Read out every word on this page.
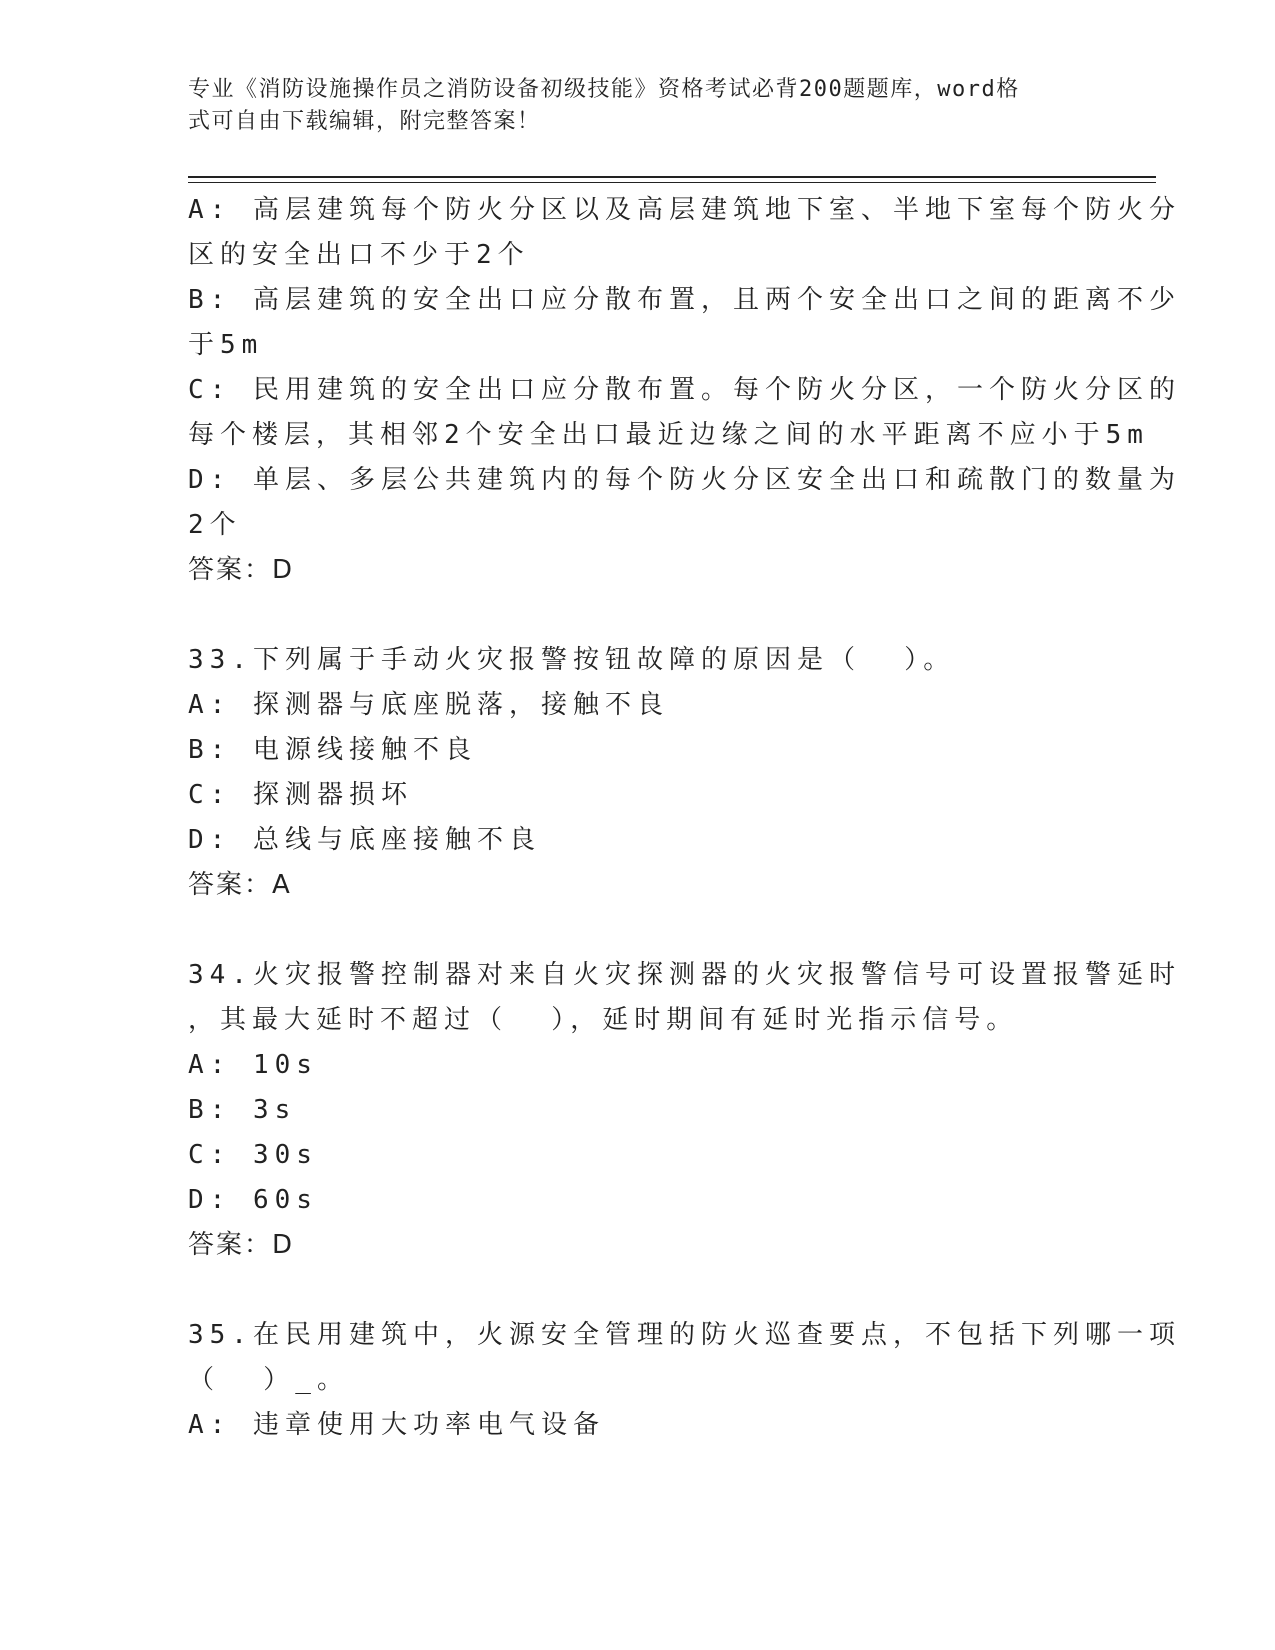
专业《消防设施操作员之消防设备初级技能》资格考试必背200题题库，word格
式可自由下载编辑，附完整答案！
A: 高层建筑每个防火分区以及高层建筑地下室、半地下室每个防火分
区的安全出口不少于2个
B: 高层建筑的安全出口应分散布置，且两个安全出口之间的距离不少
于5m
C: 民用建筑的安全出口应分散布置。每个防火分区，一个防火分区的
每个楼层，其相邻2个安全出口最近边缘之间的水平距离不应小于5m
D: 单层、多层公共建筑内的每个防火分区安全出口和疏散门的数量为
2个
答案：D
33.下列属于手动火灾报警按钮故障的原因是（  ）。
A: 探测器与底座脱落，接触不良
B: 电源线接触不良
C: 探测器损坏
D: 总线与底座接触不良
答案：A
34.火灾报警控制器对来自火灾探测器的火灾报警信号可设置报警延时
，其最大延时不超过（  ），延时期间有延时光指示信号。
A: 10s
B: 3s
C: 30s
D: 60s
答案：D
35.在民用建筑中，火源安全管理的防火巡查要点，不包括下列哪一项
（  ）_。
A: 违章使用大功率电气设备
